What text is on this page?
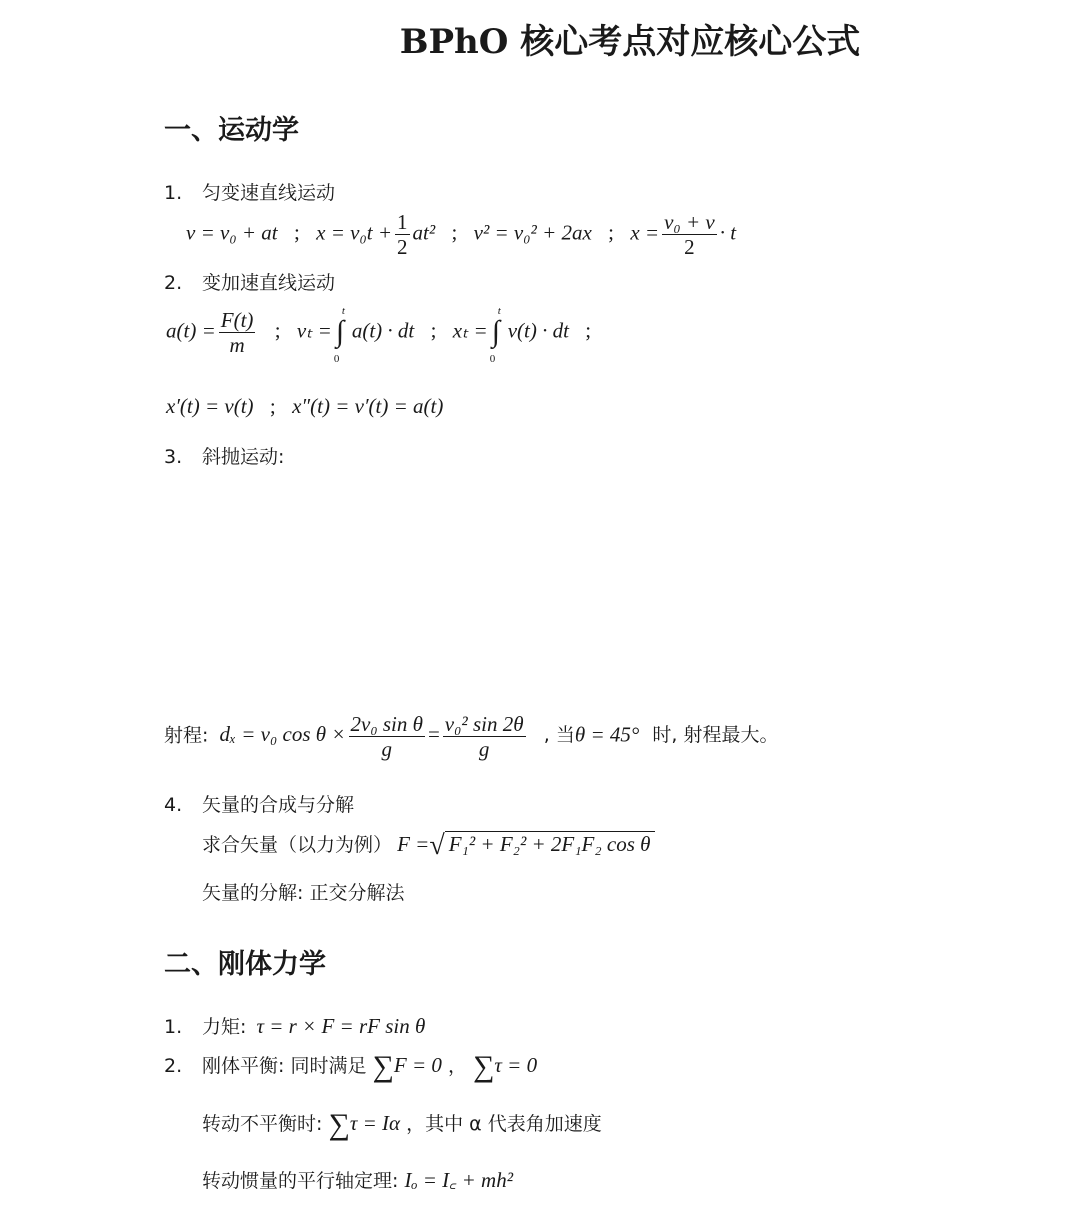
BPhO 核心考点对应核心公式
一、运动学
1. 匀变速直线运动
v = v₀ + at ; $x = v_0t + \frac{1}{2} at^2$ ; v² = v₀² + 2ax ; $x = \frac{\text{v₀ + v}}{2} \cdot t$
2. 变加速直线运动
$a(t) = \frac{F(t)}{m}$ ; vₜ = ∫
t
0
a(t) · dt ; xₜ = ∫
t
0
v(t) · dt ;
x′(t) = v(t) ; x″(t) = v′(t) = a(t)
3. 斜抛运动:
射程: dₓ = v₀ $\cos \theta \times \frac{\text{2v₀ sin θ}}{g} = \frac{\text{v₀² sin 2θ}}{g}$ , 当θ = 45° 时, 射程最大。
4. 矢量的合成与分解
求合矢量（以力为例） F =√ F₁² + F₂² + 2F₁F₂ cos θ
矢量的分解: 正交分解法
二、刚体力学
1. 力矩: τ = r × F = rF sin θ
2. 刚体平衡: 同时满足 ∑F = 0 ， ∑τ = 0
转动不平衡时: ∑τ = Iα ，其中 α 代表角加速度
转动惯量的平行轴定理: Iₒ = I꜀ + mh²
